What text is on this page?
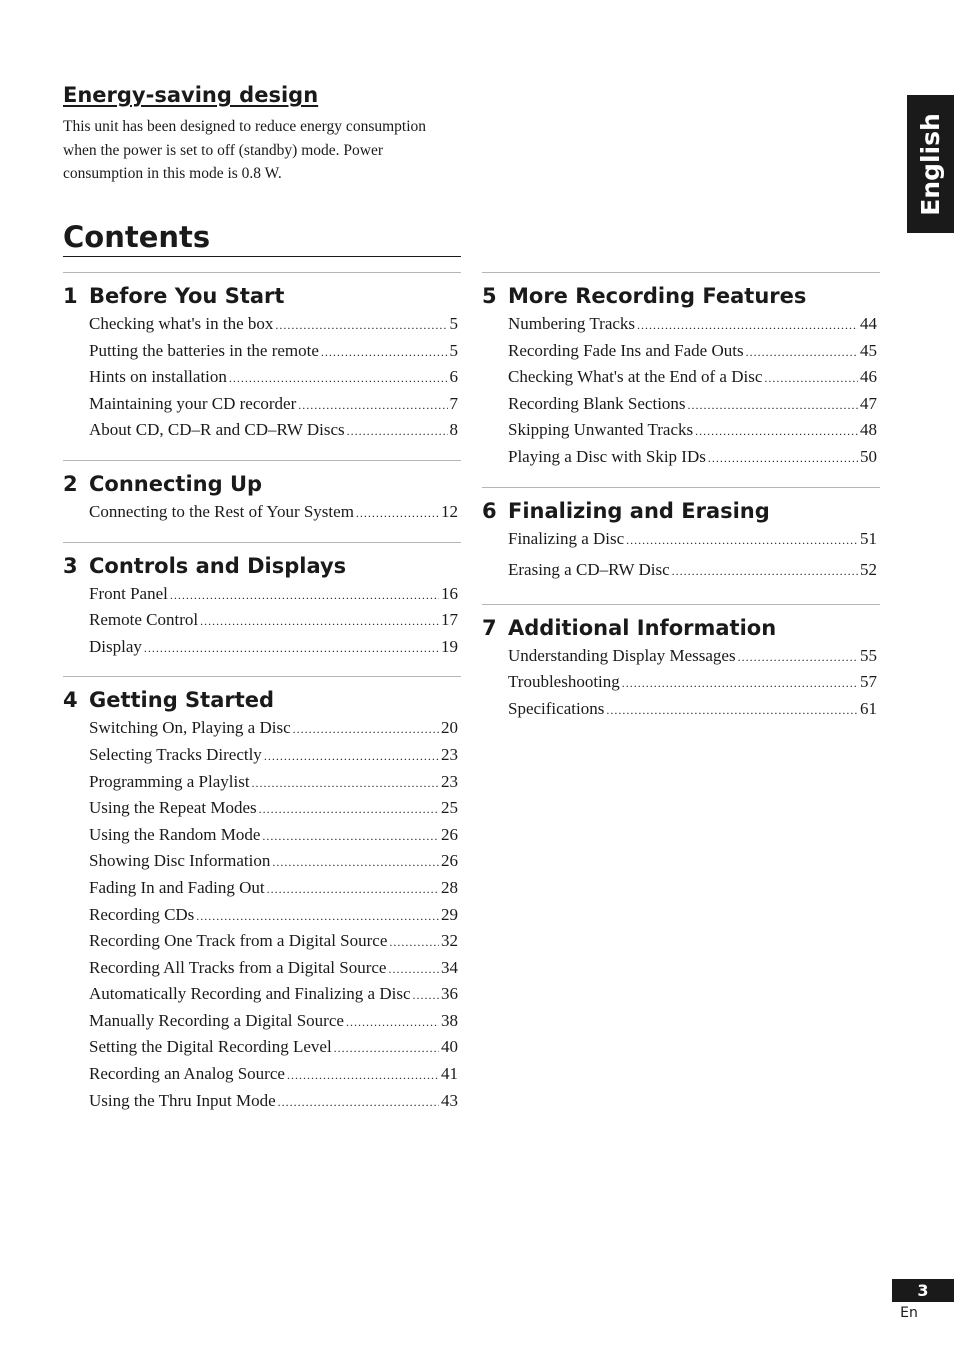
Energy-saving design

This unit has been designed to reduce energy consumption when the power is set to off (standby) mode. Power consumption in this mode is 0.8 W.

Contents
English
1 Before You Start
Checking what's in the box .....	5
Putting the batteries in the remote .....	5
Hints on installation .....	6
Maintaining your CD recorder .....	7
About CD, CD–R and CD–RW Discs .....	8
2 Connecting Up
Connecting to the Rest of Your System .....	12
3 Controls and Displays
Front Panel .....	16
Remote Control .....	17
Display .....	19
4 Getting Started
Switching On, Playing a Disc .....	20
Selecting Tracks Directly .....	23
Programming a Playlist .....	23
Using the Repeat Modes .....	25
Using the Random Mode .....	26
Showing Disc Information .....	26
Fading In and Fading Out .....	28
Recording CDs .....	29
Recording One Track from a Digital Source .....	32
Recording All Tracks from a Digital Source .....	34
Automatically Recording and Finalizing a Disc ..... 36
Manually Recording a Digital Source .....	38
Setting the Digital Recording Level .....	40
Recording an Analog Source .....	41
Using the Thru Input Mode .....	43
5 More Recording Features
Numbering Tracks .....	44
Recording Fade Ins and Fade Outs .....	45
Checking What's at the End of a Disc .....	46
Recording Blank Sections .....	47
Skipping Unwanted Tracks .....	48
Playing a Disc with Skip IDs .....	50
6 Finalizing and Erasing
Finalizing a Disc .....	51
Erasing a CD–RW Disc .....	52
7 Additional Information
Understanding Display Messages .....	55
Troubleshooting .....	57
Specifications .....	61
3
En
